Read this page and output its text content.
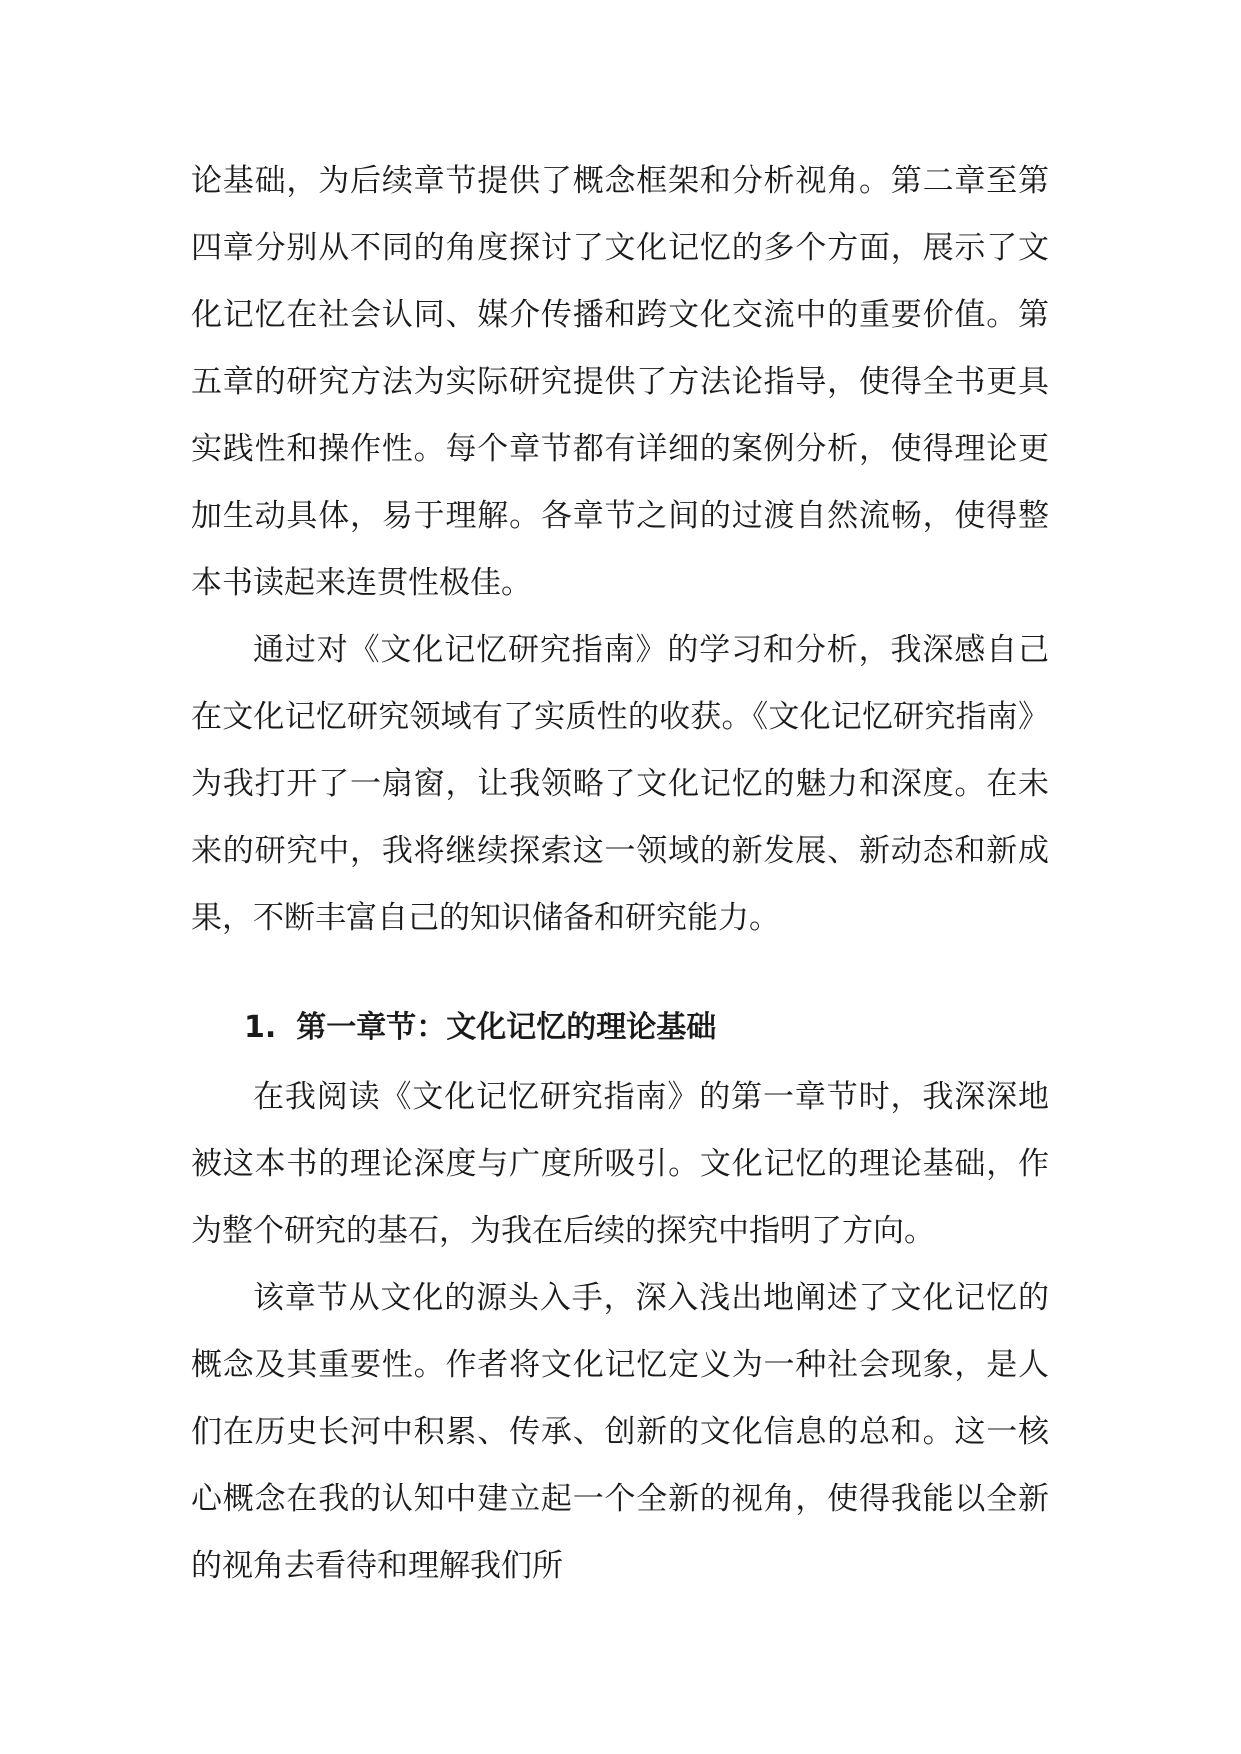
论基础，为后续章节提供了概念框架和分析视角。第二章至第四章分别从不同的角度探讨了文化记忆的多个方面，展示了文化记忆在社会认同、媒介传播和跨文化交流中的重要价值。第五章的研究方法为实际研究提供了方法论指导，使得全书更具实践性和操作性。每个章节都有详细的案例分析，使得理论更加生动具体，易于理解。各章节之间的过渡自然流畅，使得整本书读起来连贯性极佳。

通过对《文化记忆研究指南》的学习和分析，我深感自己在文化记忆研究领域有了实质性的收获。《文化记忆研究指南》为我打开了一扇窗，让我领略了文化记忆的魅力和深度。在未来的研究中，我将继续探索这一领域的新发展、新动态和新成果，不断丰富自己的知识储备和研究能力。

1. 第一章节：文化记忆的理论基础

在我阅读《文化记忆研究指南》的第一章节时，我深深地被这本书的理论深度与广度所吸引。文化记忆的理论基础，作为整个研究的基石，为我在后续的探究中指明了方向。

该章节从文化的源头入手，深入浅出地阐述了文化记忆的概念及其重要性。作者将文化记忆定义为一种社会现象，是人们在历史长河中积累、传承、创新的文化信息的总和。这一核心概念在我的认知中建立起一个全新的视角，使得我能以全新的视角去看待和理解我们所
